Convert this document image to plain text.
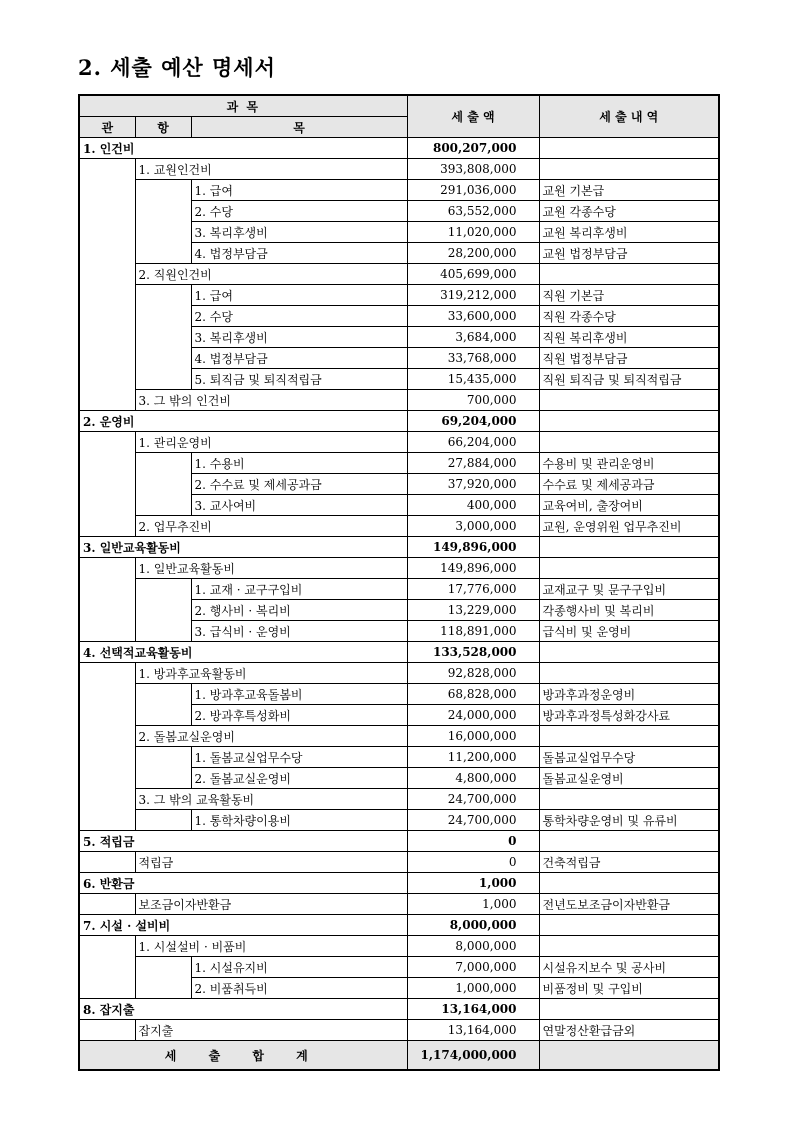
2. 세출 예산 명세서
과 목			세 출 액	세 출 내 역
관	항	목		
1. 인건비			800,207,000	
	1. 교원인건비		393,808,000	
		1. 급여	291,036,000	교원 기본급
		2. 수당	63,552,000	교원 각종수당
		3. 복리후생비	11,020,000	교원 복리후생비
		4. 법정부담금	28,200,000	교원 법정부담금
	2. 직원인건비		405,699,000	
		1. 급여	319,212,000	직원 기본급
		2. 수당	33,600,000	직원 각종수당
		3. 복리후생비	3,684,000	직원 복리후생비
		4. 법정부담금	33,768,000	직원 법정부담금
		5. 퇴직금 및 퇴직적립금	15,435,000	직원 퇴직금 및 퇴직적립금
	3. 그 밖의 인건비		700,000	
2. 운영비			69,204,000	
	1. 관리운영비		66,204,000	
		1. 수용비	27,884,000	수용비 및 관리운영비
		2. 수수료 및 제세공과금	37,920,000	수수료 및 제세공과금
		3. 교사여비	400,000	교육여비, 출장여비
	2. 업무추진비		3,000,000	교원, 운영위원 업무추진비
3. 일반교육활동비			149,896,000	
	1. 일반교육활동비		149,896,000	
		1. 교재 · 교구구입비	17,776,000	교재교구 및 문구구입비
		2. 행사비 · 복리비	13,229,000	각종행사비 및 복리비
		3. 급식비 · 운영비	118,891,000	급식비 및 운영비
4. 선택적교육활동비			133,528,000	
	1. 방과후교육활동비		92,828,000	
		1. 방과후교육돌봄비	68,828,000	방과후과정운영비
		2. 방과후특성화비	24,000,000	방과후과정특성화강사료
	2. 돌봄교실운영비		16,000,000	
		1. 돌봄교실업무수당	11,200,000	돌봄교실업무수당
		2. 돌봄교실운영비	4,800,000	돌봄교실운영비
	3. 그 밖의 교육활동비		24,700,000	
		1. 통학차량이용비	24,700,000	통학차량운영비 및 유류비
5. 적립금			0	
	적립금		0	건축적립금
6. 반환금			1,000	
	보조금이자반환금		1,000	전년도보조금이자반환금
7. 시설 · 설비비			8,000,000	
	1. 시설설비 · 비품비		8,000,000	
		1. 시설유지비	7,000,000	시설유지보수 및 공사비
		2. 비품취득비	1,000,000	비품정비 및 구입비
8. 잡지출			13,164,000	
	잡지출		13,164,000	연말정산환급금외
세 출 합 계			1,174,000,000	
